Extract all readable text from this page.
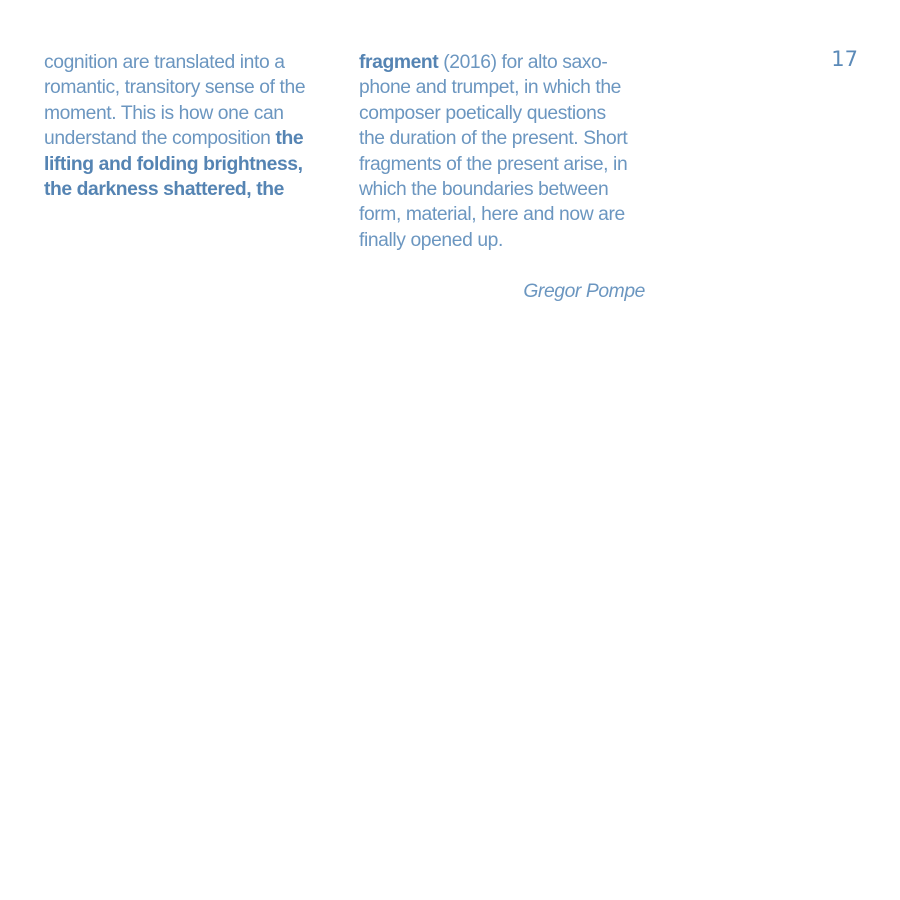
17
cognition are translated into a
romantic, transitory sense of the
moment. This is how one can
understand the composition the
lifting and folding brightness,
the darkness shattered, the
fragment (2016) for alto saxo-
phone and trumpet, in which the
composer poetically questions
the duration of the present. Short
fragments of the present arise, in
which the boundaries between
form, material, here and now are
finally opened up.
Gregor Pompe
